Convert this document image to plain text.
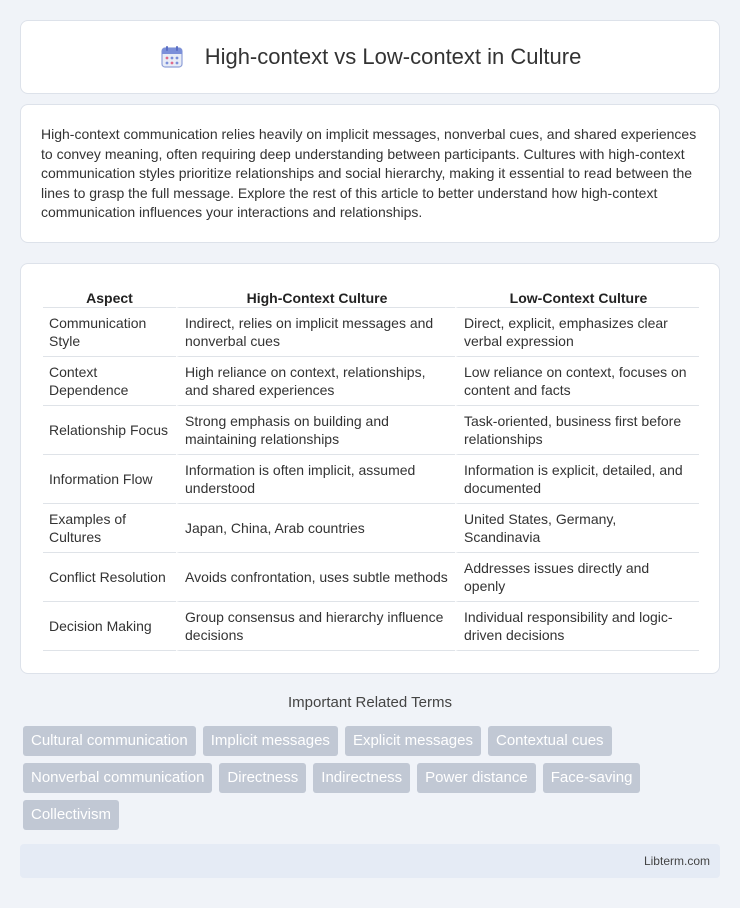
High-context vs Low-context in Culture

High-context communication relies heavily on implicit messages, nonverbal cues, and shared experiences to convey meaning, often requiring deep understanding between participants. Cultures with high-context communication styles prioritize relationships and social hierarchy, making it essential to read between the lines to grasp the full message. Explore the rest of this article to better understand how high-context communication influences your interactions and relationships.

Aspect	High-Context Culture	Low-Context Culture
Communication Style	Indirect, relies on implicit messages and nonverbal cues	Direct, explicit, emphasizes clear verbal expression
Context Dependence	High reliance on context, relationships, and shared experiences	Low reliance on context, focuses on content and facts
Relationship Focus	Strong emphasis on building and maintaining relationships	Task-oriented, business first before relationships
Information Flow	Information is often implicit, assumed understood	Information is explicit, detailed, and documented
Examples of Cultures	Japan, China, Arab countries	United States, Germany, Scandinavia
Conflict Resolution	Avoids confrontation, uses subtle methods	Addresses issues directly and openly
Decision Making	Group consensus and hierarchy influence decisions	Individual responsibility and logic-driven decisions
Important Related Terms
Cultural communication	Implicit messages	Explicit messages	Contextual cues
Nonverbal communication	Directness	Indirectness	Power distance	Face-saving
Collectivism
Libterm.com
